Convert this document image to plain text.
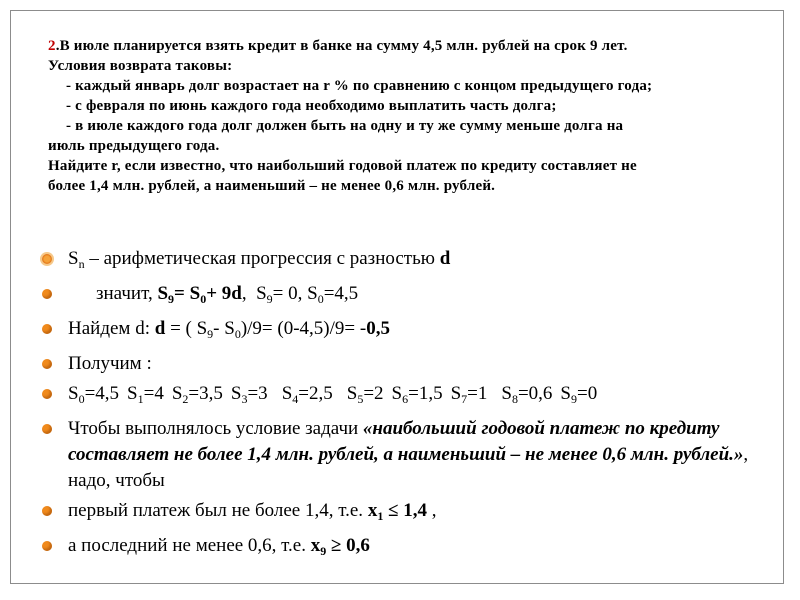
2.В июле планируется взять кредит в банке на сумму 4,5 млн. рублей на срок 9 лет.
Условия возврата таковы:
- каждый январь долг возрастает на r % по сравнению с концом предыдущего года;
- с февраля по июнь каждого года необходимо выплатить часть долга;
- в июле каждого года долг должен быть на одну и ту же сумму меньше долга на
июль предыдущего года.
Найдите r, если известно, что наибольший годовой платеж по кредиту составляет не
более 1,4 млн. рублей, а наименьший – не менее 0,6 млн. рублей.
$S_n$ – арифметическая прогрессия с разностью d
значит, $S_9= S_0+ 9d$,  $S_9= 0$, $S_0=4,5$
Найдем d: d = ( $S_9-$ $S_0)/9= (0-4,5)/9= -0,5$
Получим :
$S_0=4,5$ $S_1=4$ $S_2=3,5$ $S_3=3$ $S_4=2,5$ $S_5=2$ $S_6=1,5$ $S_7=1$ $S_8=0,6$ $S_9=0$
Чтобы выполнялось условие задачи «наибольший годовой платеж по кредиту составляет не более 1,4 млн. рублей, а наименьший – не менее 0,6 млн. рублей.», надо, чтобы
первый платеж был не более 1,4, т.е. $x_1 \le 1,4$ ,
а последний не менее 0,6, т.е. $x_9 \ge 0,6$
